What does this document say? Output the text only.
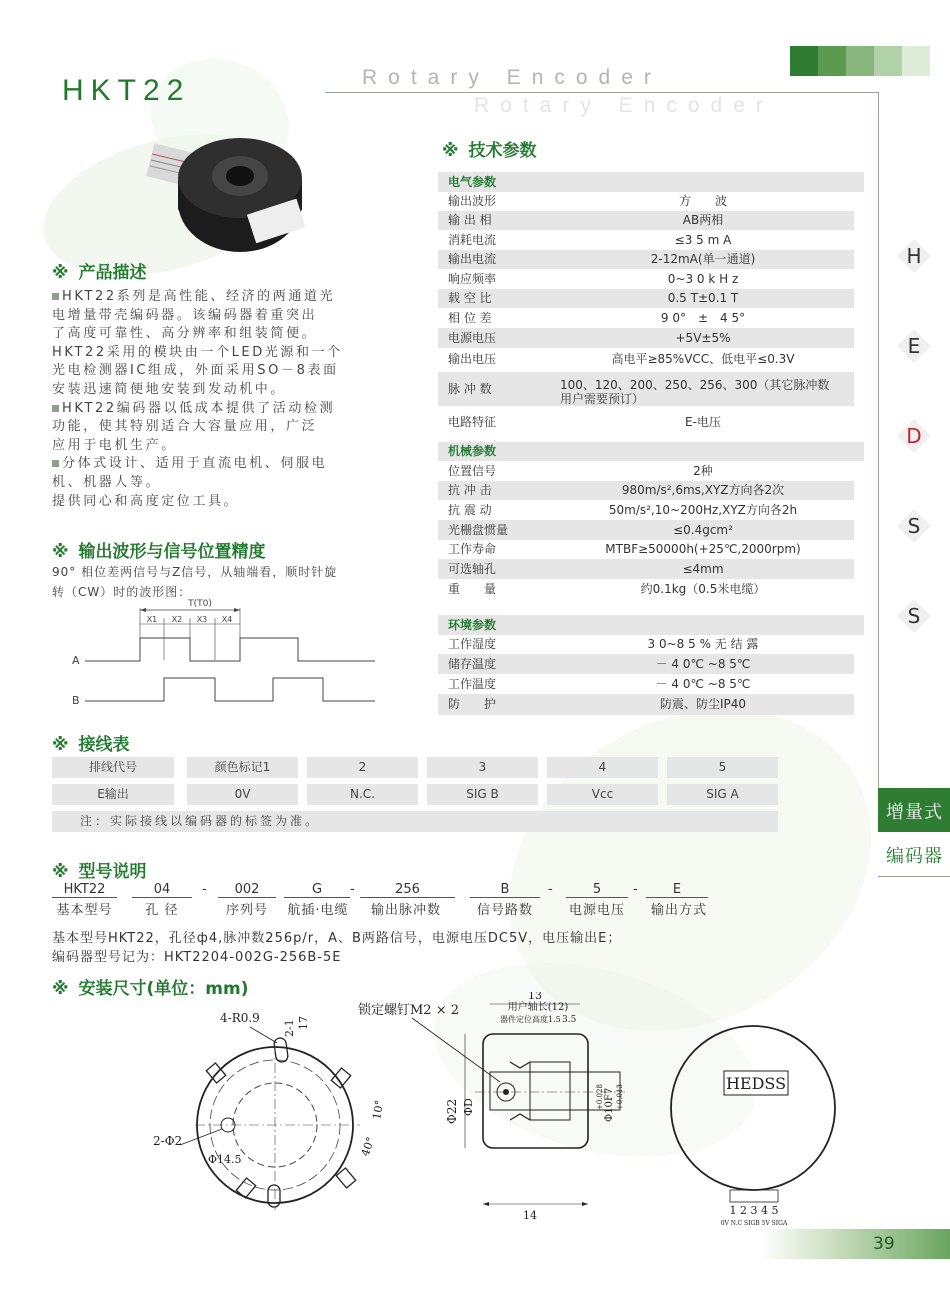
HKT22	Rotary Encoder
Rotary Encoder
※ 技术参数
电气参数
输出波形	方　　波
输 出 相	AB两相
消耗电流	≤3 5 m A
输出电流	2-12mA(单一通道)
响应频率	0~3 0 k H z
载 空 比	0.5 T±0.1 T
相 位 差	9 0°　±　4 5°
电源电压	+5V±5%
输出电压	高电平≥85%VCC、低电平≤0.3V
脉 冲 数	100、120、200、250、256、300（其它脉冲数
用户需要预订）
电路特征	E-电压
机械参数
位置信号	2种
抗 冲 击	980m/s²,6ms,XYZ方向各2次
抗 震 动	50m/s²,10~200Hz,XYZ方向各2h
光栅盘惯量	≤0.4gcm²
工作寿命	MTBF≥50000h(+25℃,2000rpm)
可选轴孔	≤4mm
重　　量	约0.1kg（0.5米电缆）
环境参数
工作湿度	3 0~8 5 % 无 结 露
储存温度	－ 4 0℃ ~8 5℃
工作温度	－ 4 0℃ ~8 5℃
防　　护	防震、防尘IP40
※ 产品描述

HKT22系列是高性能、经济的两通道光

电增量带壳编码器。该编码器着重突出

了高度可靠性、高分辨率和组装简便。

HKT22采用的模块由一个LED光源和一个

光电检测器IC组成，外面采用SO－8表面

安装迅速简便地安装到发动机中。

HKT22编码器以低成本提供了活动检测

功能，使其特别适合大容量应用，广泛

应用于电机生产。

分体式设计、适用于直流电机、伺服电

机、机器人等。

提供同心和高度定位工具。

※ 输出波形与信号位置精度
90° 相位差两信号与Z信号，从轴端看，顺时针旋
转（CW）时的波形图：
T(T0)
X1 X2 X3 X4
A
B
H
E
D
S
S
增量式
编码器
※ 接线表
排线代号	颜色标记1	2	3	4	5
E输出	0V	N.C.	SIG B	Vcc	SIG A
注：实际接线以编码器的标签为准。
※ 型号说明
HKT22	04	-	002	G	-	256	B	-	5	-	E
基本型号	孔 径	序列号	航插·电缆	输出脉冲数	信号路数	电源电压	输出方式
基本型号HKT22，孔径ф4,脉冲数256p/r，A、B两路信号，电源电压DC5V，电压输出E；
编码器型号记为：HKT2204-002G-256B-5E
※ 安装尺寸(单位：mm)
4-R0.9
2-1 17
2-Φ2
Φ14.5
10°
40°
锁定螺钉M2 × 2
13
用户轴长(12)
器件定位高度1.5 3.5
Φ22 ΦD	Φ10F7
+0.028 +0.013
14
HEDSS
1 2 3 4 5
0V N.C SIGB 5V SIGA
39
